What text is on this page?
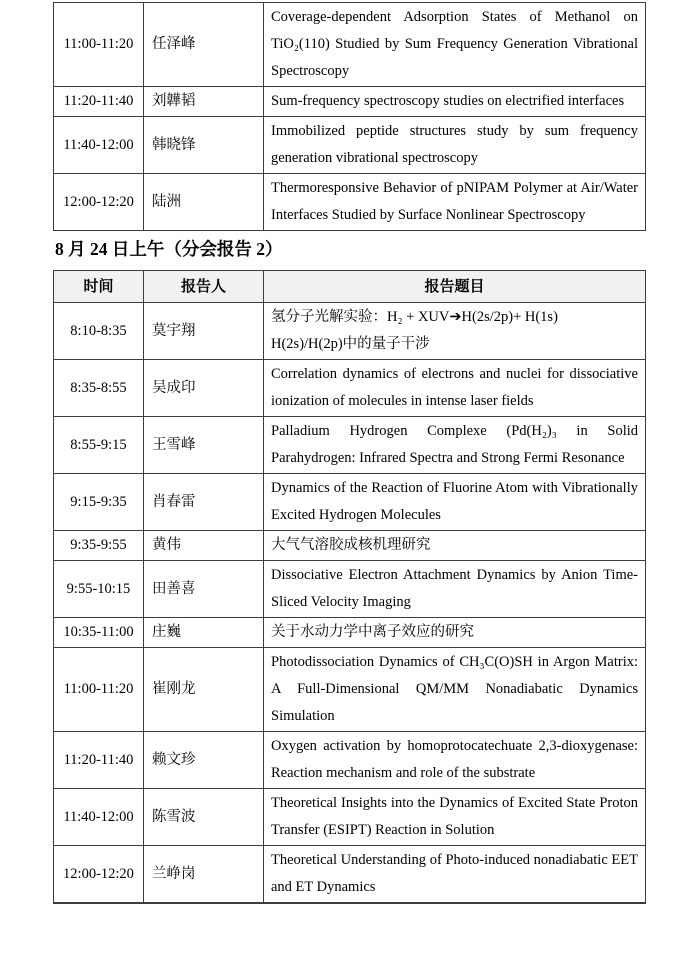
11:00-11:20	任泽峰	Coverage-dependent Adsorption States of Methanol on TiO₂(110) Studied by Sum Frequency Generation Vibrational Spectroscopy
11:20-11:40	刘韡韬	Sum-frequency spectroscopy studies on electrified interfaces
11:40-12:00	韩晓锋	Immobilized peptide structures study by sum frequency generation vibrational spectroscopy
12:00-12:20	陆洲	Thermoresponsive Behavior of pNIPAM Polymer at Air/Water Interfaces Studied by Surface Nonlinear Spectroscopy
8 月 24 日上午（分会报告 2）
时间	报告人	报告题目
8:10-8:35	莫宇翔	氢分子光解实验：H₂ + XUV➔H(2s/2p)+ H(1s)
H(2s)/H(2p)中的量子干涉
8:35-8:55	吴成印	Correlation dynamics of electrons and nuclei for dissociative ionization of molecules in intense laser fields
8:55-9:15	王雪峰	Palladium Hydrogen Complexe (Pd(H₂)₃ in Solid Parahydrogen: Infrared Spectra and Strong Fermi Resonance
9:15-9:35	肖春雷	Dynamics of the Reaction of Fluorine Atom with Vibrationally Excited Hydrogen Molecules
9:35-9:55	黄伟	大气气溶胶成核机理研究
9:55-10:15	田善喜	Dissociative Electron Attachment Dynamics by Anion Time-Sliced Velocity Imaging
10:35-11:00	庄巍	关于水动力学中离子效应的研究
11:00-11:20	崔刚龙	Photodissociation Dynamics of CH₃C(O)SH in Argon Matrix: A Full-Dimensional QM/MM Nonadiabatic Dynamics Simulation
11:20-11:40	赖文珍	Oxygen activation by homoprotocatechuate 2,3-dioxygenase: Reaction mechanism and role of the substrate
11:40-12:00	陈雪波	Theoretical Insights into the Dynamics of Excited State Proton Transfer (ESIPT) Reaction in Solution
12:00-12:20	兰峥岗	Theoretical Understanding of Photo-induced nonadiabatic EET and ET Dynamics
